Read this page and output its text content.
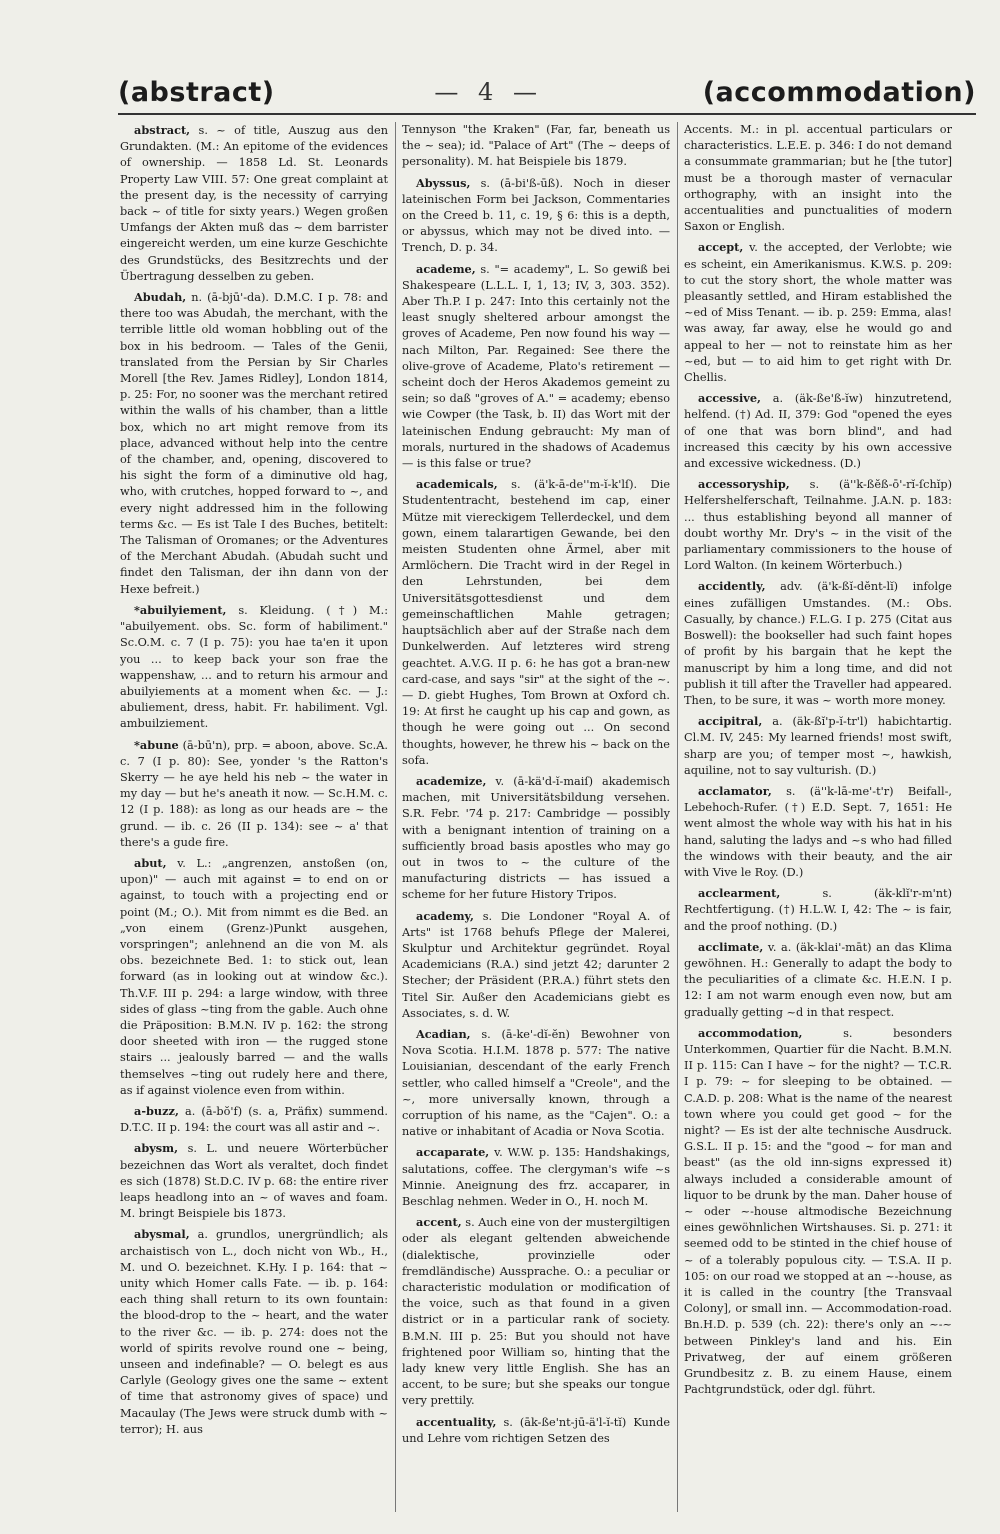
(abstract)	— 4 —	(accommodation)

abstract, s. ~ of title, Auszug aus den Grundakten. (M.: An epitome of the evidences of ownership. — 1858 Ld. St. Leonards Property Law VIII. 57: One great complaint at the present day, is the necessity of carrying back ~ of title for sixty years.) Wegen großen Umfangs der Akten muß das ~ dem barrister eingereicht werden, um eine kurze Geschichte des Grundstücks, des Besitzrechts und der Übertragung desselben zu geben.

Abudah, n. (ā-bjū'-da). D.M.C. I p. 78: and there too was Abudah, the merchant, with the terrible little old woman hobbling out of the box in his bedroom. — Tales of the Genii, translated from the Persian by Sir Charles Morell [the Rev. James Ridley], London 1814, p. 25: For, no sooner was the merchant retired within the walls of his chamber, than a little box, which no art might remove from its place, advanced without help into the centre of the chamber, and, opening, discovered to his sight the form of a diminutive old hag, who, with crutches, hopped forward to ~, and every night addressed him in the following terms &c. — Es ist Tale I des Buches, betitelt: The Talisman of Oromanes; or the Adventures of the Merchant Abudah. (Abudah sucht und findet den Talisman, der ihn dann von der Hexe befreit.)

*abuilyiement, s. Kleidung. (†) M.: "abuilyement. obs. Sc. form of habiliment." Sc.O.M. c. 7 (I p. 75): you hae ta'en it upon you ... to keep back your son frae the wappenshaw, ... and to return his armour and abuilyiements at a moment when &c. — J.: abuliement, dress, habit. Fr. habiliment. Vgl. ambuilziement.

*abune (ā-bū'n), prp. = aboon, above. Sc.A. c. 7 (I p. 80): See, yonder 's the Ratton's Skerry — he aye held his neb ~ the water in my day — but he's aneath it now. — Sc.H.M. c. 12 (I p. 188): as long as our heads are ~ the grund. — ib. c. 26 (II p. 134): see ~ a' that there's a gude fire.

abut, v. L.: „angrenzen, anstoßen (on, upon)" — auch mit against = to end on or against, to touch with a projecting end or point (M.; O.). Mit from nimmt es die Bed. an „von einem (Grenz-)Punkt ausgehen, vorspringen"; anlehnend an die von M. als obs. bezeichnete Bed. 1: to stick out, lean forward (as in looking out at window &c.). Th.V.F. III p. 294: a large window, with three sides of glass ~ting from the gable. Auch ohne die Präposition: B.M.N. IV p. 162: the strong door sheeted with iron — the rugged stone stairs ... jealously barred — and the walls themselves ~ting out rudely here and there, as if against violence even from within.

a-buzz, a. (ā-bŏ'f) (s. a, Präfix) summend. D.T.C. II p. 194: the court was all astir and ~.

abysm, s. L. und neuere Wörterbücher bezeichnen das Wort als veraltet, doch findet es sich (1878) St.D.C. IV p. 68: the entire river leaps headlong into an ~ of waves and foam. M. bringt Beispiele bis 1873.

abysmal, a. grundlos, unergründlich; als archaistisch von L., doch nicht von Wb., H., M. und O. bezeichnet. K.Hy. I p. 164: that ~ unity which Homer calls Fate. — ib. p. 164: each thing shall return to its own fountain: the blood-drop to the ~ heart, and the water to the river &c. — ib. p. 274: does not the world of spirits revolve round one ~ being, unseen and indefinable? — O. belegt es aus Carlyle (Geology gives one the same ~ extent of time that astronomy gives of space) und Macaulay (The Jews were struck dumb with ~ terror); H. aus

Tennyson "the Kraken" (Far, far, beneath us the ~ sea); id. "Palace of Art" (The ~ deeps of personality). M. hat Beispiele bis 1879.

Abyssus, s. (ā-bi'ß-ūß). Noch in dieser lateinischen Form bei Jackson, Commentaries on the Creed b. 11, c. 19, § 6: this is a depth, or abyssus, which may not be dived into. — Trench, D. p. 34.

academe, s. "= academy", L. So gewiß bei Shakespeare (L.L.L. I, 1, 13; IV, 3, 303. 352). Aber Th.P. I p. 247: Into this certainly not the least snugly sheltered arbour amongst the groves of Academe, Pen now found his way — nach Milton, Par. Regained: See there the olive-grove of Academe, Plato's retirement — scheint doch der Heros Akademos gemeint zu sein; so daß "groves of A." = academy; ebenso wie Cowper (the Task, b. II) das Wort mit der lateinischen Endung gebraucht: My man of morals, nurtured in the shadows of Academus — is this false or true?

academicals, s. (ä'k-ā-de''m-ĭ-k'lſ). Die Studententracht, bestehend im cap, einer Mütze mit viereckigem Tellerdeckel, und dem gown, einem talarartigen Gewande, bei den meisten Studenten ohne Ärmel, aber mit Armlöchern. Die Tracht wird in der Regel in den Lehrstunden, bei dem Universitätsgottesdienst und dem gemeinschaftlichen Mahle getragen; hauptsächlich aber auf der Straße nach dem Dunkelwerden. Auf letzteres wird streng geachtet. A.V.G. II p. 6: he has got a bran-new card-case, and says "sir" at the sight of the ~. — D. giebt Hughes, Tom Brown at Oxford ch. 19: At first he caught up his cap and gown, as though he were going out ... On second thoughts, however, he threw his ~ back on the sofa.

academize, v. (ā-kä'd-ĭ-maiſ) akademisch machen, mit Universitätsbildung versehen. S.R. Febr. '74 p. 217: Cambridge — possibly with a benignant intention of training on a sufficiently broad basis apostles who may go out in twos to ~ the culture of the manufacturing districts — has issued a scheme for her future History Tripos.

academy, s. Die Londoner "Royal A. of Arts" ist 1768 behufs Pflege der Malerei, Skulptur und Architektur gegründet. Royal Academicians (R.A.) sind jetzt 42; darunter 2 Stecher; der Präsident (P.R.A.) führt stets den Titel Sir. Außer den Academicians giebt es Associates, s. d. W.

Acadian, s. (ā-ke'-dĭ-ĕn) Bewohner von Nova Scotia. H.I.M. 1878 p. 577: The native Louisianian, descendant of the early French settler, who called himself a "Creole", and the ~, more universally known, through a corruption of his name, as the "Cajen". O.: a native or inhabitant of Acadia or Nova Scotia.

accaparate, v. W.W. p. 135: Handshakings, salutations, coffee. The clergyman's wife ~s Minnie. Aneignung des frz. accaparer, in Beschlag nehmen. Weder in O., H. noch M.

accent, s. Auch eine von der mustergiltigen oder als elegant geltenden abweichende (dialektische, provinzielle oder fremdländische) Aussprache. O.: a peculiar or characteristic modulation or modification of the voice, such as that found in a given district or in a particular rank of society. B.M.N. III p. 25: But you should not have frightened poor William so, hinting that the lady knew very little English. She has an accent, to be sure; but she speaks our tongue very prettily.

accentuality, s. (āk-ße'nt-jū-ä'l-ĭ-tĭ) Kunde und Lehre vom richtigen Setzen des

Accents. M.: in pl. accentual particulars or characteristics. L.E.E. p. 346: I do not demand a consummate grammarian; but he [the tutor] must be a thorough master of vernacular orthography, with an insight into the accentualities and punctualities of modern Saxon or English.

accept, v. the accepted, der Verlobte; wie es scheint, ein Amerikanismus. K.W.S. p. 209: to cut the story short, the whole matter was pleasantly settled, and Hiram established the ~ed of Miss Tenant. — ib. p. 259: Emma, alas! was away, far away, else he would go and appeal to her — not to reinstate him as her ~ed, but — to aid him to get right with Dr. Chellis.

accessive, a. (äk-ße'ß-ĭw) hinzutretend, helfend. (†) Ad. II, 379: God "opened the eyes of one that was born blind", and had increased this cæcity by his own accessive and excessive wickedness. (D.)

accessoryship, s. (ä''k-ßĕß-ō'-rĭ-ſchĭp) Helfershelferschaft, Teilnahme. J.A.N. p. 183: ... thus establishing beyond all manner of doubt worthy Mr. Dry's ~ in the visit of the parliamentary commissioners to the house of Lord Walton. (In keinem Wörterbuch.)

accidently, adv. (ä'k-ßĭ-dĕnt-lĭ) infolge eines zufälligen Umstandes. (M.: Obs. Casually, by chance.) F.L.G. I p. 275 (Citat aus Boswell): the bookseller had such faint hopes of profit by his bargain that he kept the manuscript by him a long time, and did not publish it till after the Traveller had appeared. Then, to be sure, it was ~ worth more money.

accipitral, a. (äk-ßĭ'p-ĭ-tr'l) habichtartig. Cl.M. IV, 245: My learned friends! most swift, sharp are you; of temper most ~, hawkish, aquiline, not to say vulturish. (D.)

acclamator, s. (ä''k-lā-me'-t'r) Beifall-, Lebehoch-Rufer. (†) E.D. Sept. 7, 1651: He went almost the whole way with his hat in his hand, saluting the ladys and ~s who had filled the windows with their beauty, and the air with Vive le Roy. (D.)

acclearment,	s. (äk-klĭ'r-m'nt) Rechtfertigung. (†) H.L.W. I, 42: The ~ is fair, and the proof nothing. (D.)

acclimate, v. a. (äk-klai'-māt) an das Klima gewöhnen. H.: Generally to adapt the body to the peculiarities of a climate &c. H.E.N. I p. 12: I am not warm enough even now, but am gradually getting ~d in that respect.

accommodation,	s. besonders Unterkommen, Quartier für die Nacht. B.M.N. II p. 115: Can I have ~ for the night? — T.C.R. I p. 79: ~ for sleeping to be obtained. — C.A.D. p. 208: What is the name of the nearest town where you could get good ~ for the night? — Es ist der alte technische Ausdruck. G.S.L. II p. 15: and the "good ~ for man and beast" (as the old inn-signs expressed it) always included a considerable amount of liquor to be drunk by the man. Daher house of ~ oder ~-house altmodische Bezeichnung eines gewöhnlichen Wirtshauses. Si. p. 271: it seemed odd to be stinted in the chief house of ~ of a tolerably populous city. — T.S.A. II p. 105: on our road we stopped at an ~-house, as it is called in the country [the Transvaal Colony], or small inn. — Accommodation-road. Bn.H.D. p. 539 (ch. 22): there's only an ~-~ between Pinkley's land and his. Ein Privatweg, der auf einem größeren Grundbesitz z. B. zu einem Hause, einem Pachtgrundstück, oder dgl. führt.
